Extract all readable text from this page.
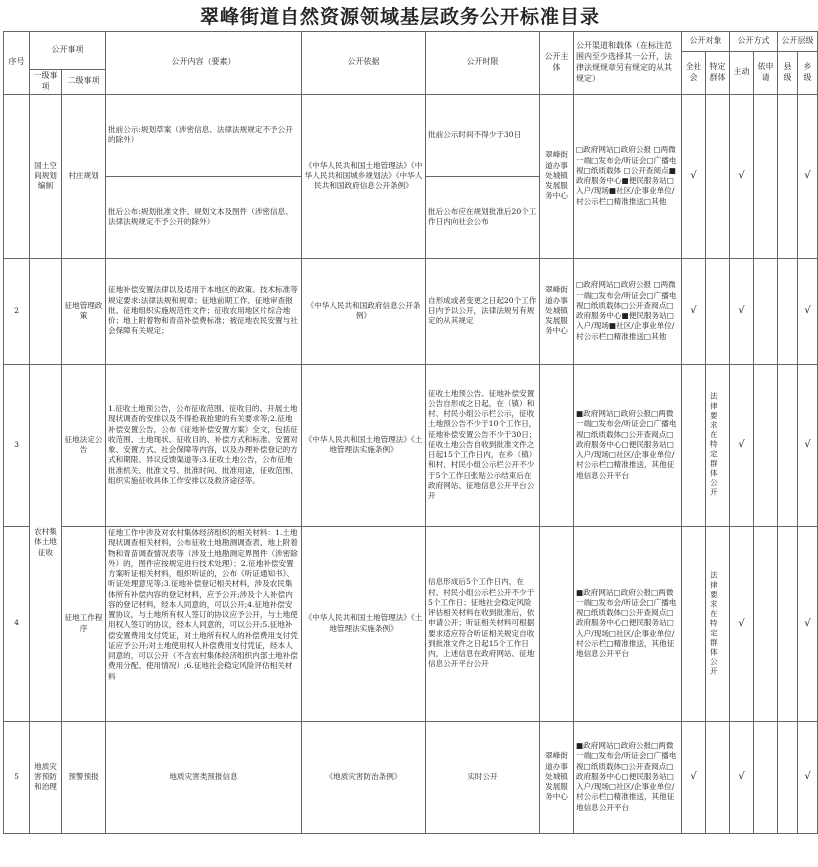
翠峰街道自然资源领域基层政务公开标准目录
序号	公开事项		公开内容（要素）	公开依据	公开时限	公开主体	公开渠道和载体（在标注范围内至少选择其一公开，法律法规规章另有规定的从其规定）	公开对象		公开方式		公开层级	
								全社会	特定群体	主动	依申请	县级	乡级
	一级事项	二级事项											
	国土空间规划编制	村庄规划	批前公示:规划草案（涉密信息、法律法规规定不予公开的除外）	《中华人民共和国土地管理法》《中华人民共和国城乡规划法》《中华人民共和国政府信息公开条例》	批前公示时间不得少于30日	翠峰街道办事处城镇发展服务中心	□政府网站□政府公报 □两微一端□发布会/听证会□广播电视□纸质载体 □公开查阅点■政府服务中心■便民服务站□入户/现场■社区/企事业单位/村公示栏□精准推送□其他	√		√			√
			批后公布:规划批准文件、规划文本及图件（涉密信息、法律法规规定不予公开的除外）		批后公布应在规划批准后20个工作日内向社会公布								
2		征地管理政策	征地补偿安置法律以及适用于本地区的政策、技术标准等规定要求:法律法规和规章；征地前期工作、征地审查报批、征地组织实施规范性文件；征收农用地区片综合地价；地上附着物和青苗补偿费标准；被征地农民安置与社会保障有关规定；	《中华人民共和国政府信息公开条例》	自形成或者变更之日起20个工作日内予以公开，法律法规另有规定的从其规定	翠峰街道办事处城镇发展服务中心	□政府网站□政府公报 □两微一端□发布会/听证会□广播电视□纸质载体□公开查阅点□政府服务中心■便民服务站□入户/现场■社区/企事业单位/村公示栏□精准推送□其他	√		√			√
3	农村集体土地征收	征地法定公告	1.征收土地预公告，公布征收范围、征收目的、开展土地现状调查的安排以及不得抢栽抢建的有关要求等;2.征地补偿安置公告，公布《征地补偿安置方案》全文，包括征收范围、土地现状、征收目的、补偿方式和标准、安置对象、安置方式、社会保障等内容，以及办理补偿登记的方式和期限、异议反馈渠道等;3.征收土地公告，公布征地批准机关、批准文号、批准时间、批准用途，征收范围、组织实施征收具体工作安排以及救济途径等。	《中华人民共和国土地管理法》《土地管理法实施条例》	征收土地预公告、征地补偿安置公告自形成之日起，在（镇）和村、村民小组公示栏公示，征收土地预公告不少于10个工作日，征地补偿安置公告不少于30日；征收土地公告自收到批准文件之日起15个工作日内，在乡（镇）和村、村民小组公示栏公开不少于5个工作日张贴公示结束后在政府网站、征地信息公开平台公开		■政府网站□政府公报□两微一端□发布会/听证会□广播电视□纸质载体□公开查阅点□政府服务中心□便民服务站□入户/现场□社区/企事业单位/村公示栏□精准推送，其他征地信息公开平台		法律要求在特定群体公开	√			√
4		征地工作程序	征地工作中涉及对农村集体经济组织的相关材料：1.土地现状调查相关材料，公布征收土地勘测调查表、地上附着物和青苗调查情况表等（涉及土地勘测定界图件（涉密除外）的，图件应按规定进行技术处理）；2.征地补偿安置方案听证相关材料，组织听证的，公布《听证通知书》、听证处理意见等;3.征地补偿登记相关材料，涉及农民集体所有补偿内容的登记材料，应予公开;涉及个人补偿内容的登记材料，经本人同意的，可以公开;4.征地补偿安置协议，与土地所有权人签订的协议应予公开，与土地使用权人签订的协议，经本人同意的，可以公开;5.征地补偿安置费用支付凭证，对土地所有权人的补偿费用支付凭证应予公开;对土地使用权人补偿费用支付凭证，经本人同意的，可以公开（不含农村集体经济组织内部土地补偿费用分配、使用情况）;6.征地社会稳定风险评估相关材料	《中华人民共和国土地管理法》《土地管理法实施条例》	信息形成后5个工作日内，在村、村民小组公示栏公开不少于5个工作日；征地社会稳定风险评估相关材料在收到批准后，依申请公开；听证相关材料可根据要求适应符合听证相关规定自收到批准文件之日起15个工作日内，上述信息在政府网站、征地信息公开平台公开		■政府网站□政府公报□两微一端□发布会/听证会□广播电视□纸质载体□公开查阅点□政府服务中心□便民服务站□入户/现场□社区/企事业单位/村公示栏□精准推送，其他征地信息公开平台		法律要求在特定群体公开	√			√
5	地质灾害预防和治理	预警预报	地质灾害类预报信息	《地质灾害防治条例》	实时公开	翠峰街道办事处城镇发展服务中心	■政府网站□政府公报□两微一端□发布会/听证会□广播电视□纸质载体□公开查阅点□政府服务中心□便民服务站□入户/现场□社区/企事业单位/村公示栏□精准推送，其他征地信息公开平台	√		√			√
